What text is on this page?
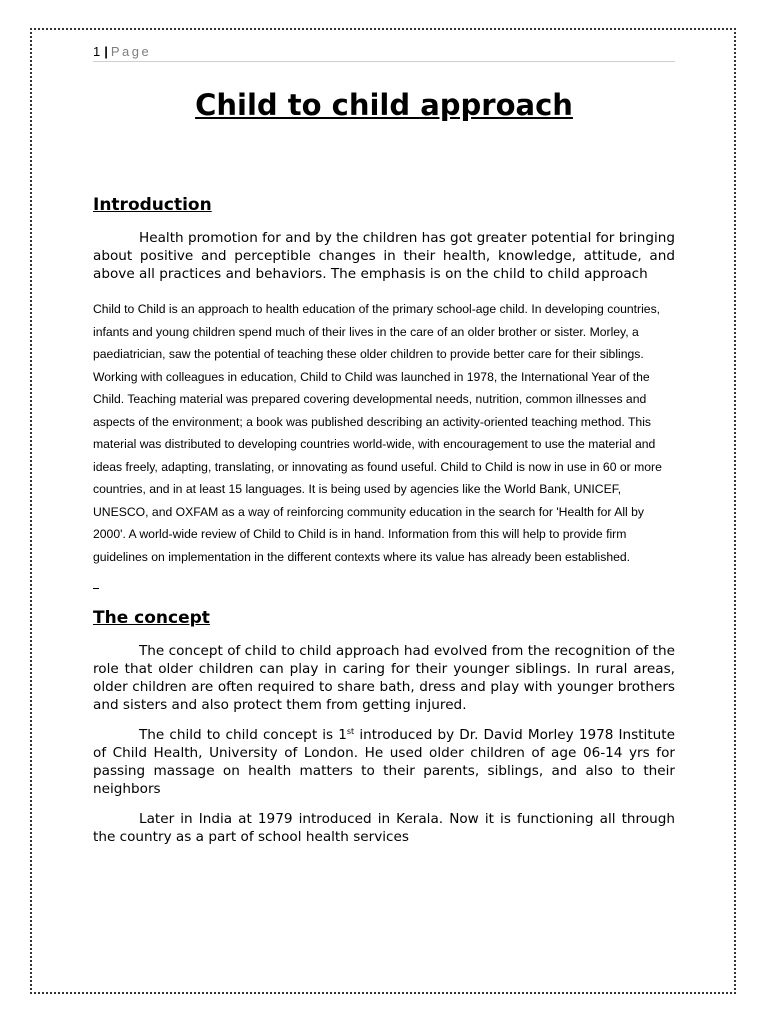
1 | Page
Child to child approach
Introduction

Health promotion for and by the children has got greater potential for bringing about positive and perceptible changes in their health, knowledge, attitude, and above all practices and behaviors. The emphasis is on the child to child approach

Child to Child is an approach to health education of the primary school-age child. In developing countries, infants and young children spend much of their lives in the care of an older brother or sister. Morley, a paediatrician, saw the potential of teaching these older children to provide better care for their siblings. Working with colleagues in education, Child to Child was launched in 1978, the International Year of the Child. Teaching material was prepared covering developmental needs, nutrition, common illnesses and aspects of the environment; a book was published describing an activity-oriented teaching method. This material was distributed to developing countries world-wide, with encouragement to use the material and ideas freely, adapting, translating, or innovating as found useful. Child to Child is now in use in 60 or more countries, and in at least 15 languages. It is being used by agencies like the World Bank, UNICEF, UNESCO, and OXFAM as a way of reinforcing community education in the search for 'Health for All by 2000'. A world-wide review of Child to Child is in hand. Information from this will help to provide firm guidelines on implementation in the different contexts where its value has already been established.

The concept

The concept of child to child approach had evolved from the recognition of the role that older children can play in caring for their younger siblings. In rural areas, older children are often required to share bath, dress and play with younger brothers and sisters and also protect them from getting injured.

The child to child concept is 1st introduced by Dr. David Morley 1978 Institute of Child Health, University of London. He used older children of age 06-14 yrs for passing massage on health matters to their parents, siblings, and also to their neighbors

Later in India at 1979 introduced in Kerala. Now it is functioning all through the country as a part of school health services
